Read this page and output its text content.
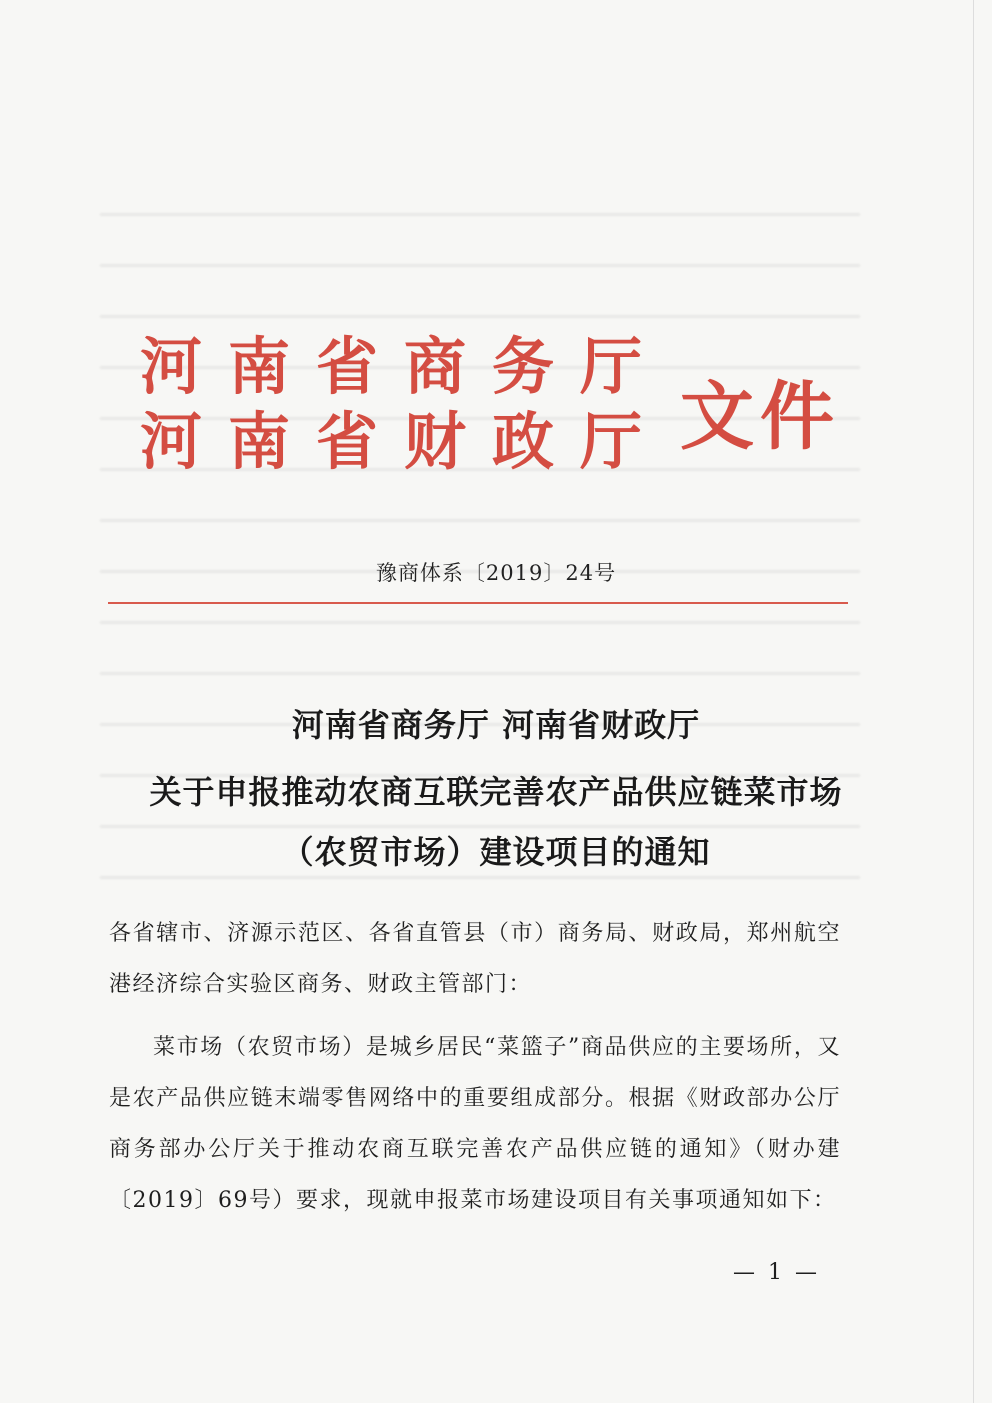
河南省商务厅
河南省财政厅 文件
豫商体系〔2019〕24号
河南省商务厅 河南省财政厅
关于申报推动农商互联完善农产品供应链菜市场
（农贸市场）建设项目的通知

各省辖市、济源示范区、各省直管县（市）商务局、财政局，郑州航空港经济综合实验区商务、财政主管部门：

菜市场（农贸市场）是城乡居民“菜篮子”商品供应的主要场所，又是农产品供应链末端零售网络中的重要组成部分。根据《财政部办公厅 商务部办公厅关于推动农商互联完善农产品供应链的通知》（财办建〔2019〕69号）要求，现就申报菜市场建设项目有关事项通知如下：

— 1 —
